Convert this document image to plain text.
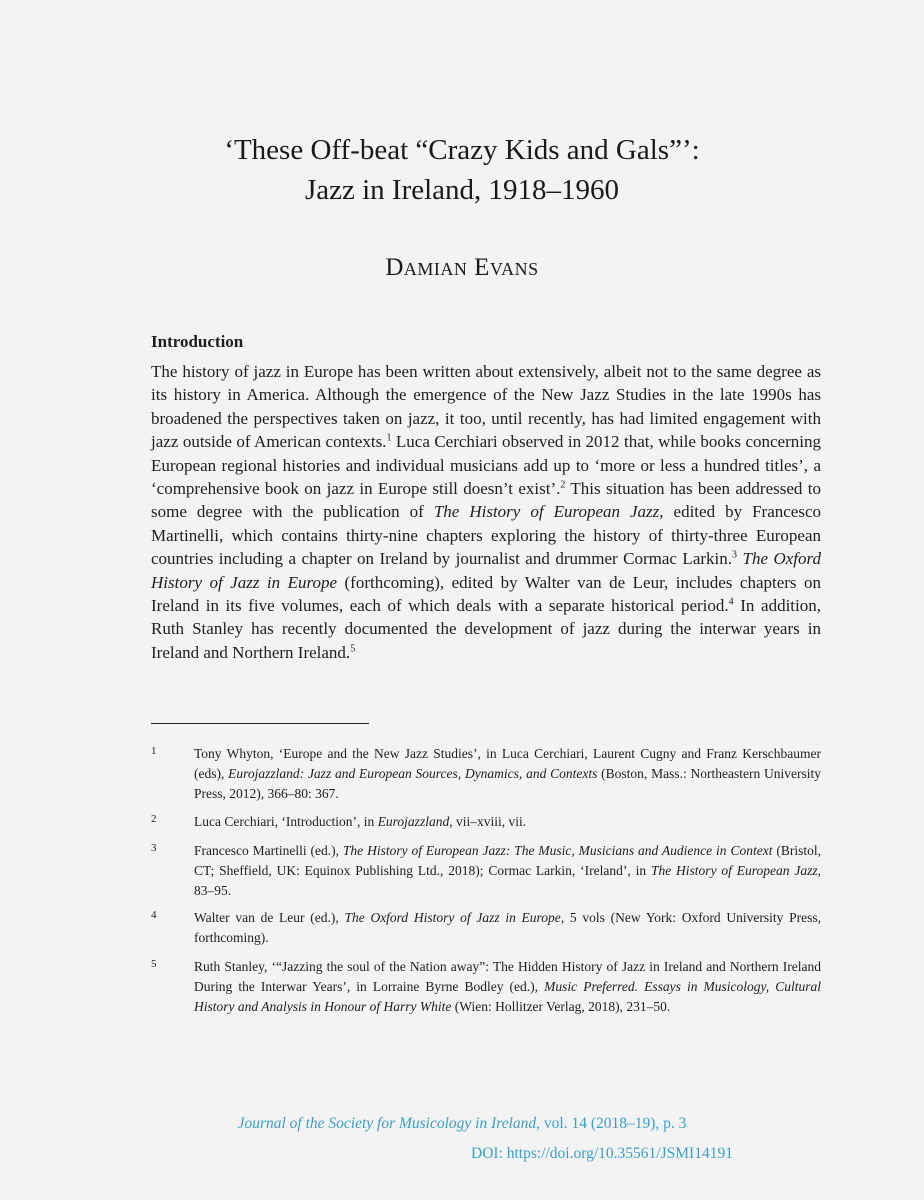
‘These Off-beat “Crazy Kids and Gals”’:
Jazz in Ireland, 1918–1960
Damian Evans
Introduction
The history of jazz in Europe has been written about extensively, albeit not to the same degree as its history in America. Although the emergence of the New Jazz Studies in the late 1990s has broadened the perspectives taken on jazz, it too, until recently, has had limited engagement with jazz outside of American contexts.$^1$ Luca Cerchiari observed in 2012 that, while books concerning European regional histories and individual musicians add up to ‘more or less a hundred titles’, a ‘comprehensive book on jazz in Europe still doesn’t exist’.$^2$ This situation has been addressed to some degree with the publication of The History of European Jazz, edited by Francesco Martinelli, which contains thirty-nine chapters exploring the history of thirty-three European countries including a chapter on Ireland by journalist and drummer Cormac Larkin.$^3$ The Oxford History of Jazz in Europe (forthcoming), edited by Walter van de Leur, includes chapters on Ireland in its five volumes, each of which deals with a separate historical period.$^4$ In addition, Ruth Stanley has recently documented the development of jazz during the interwar years in Ireland and Northern Ireland.$^5$
1	Tony Whyton, ‘Europe and the New Jazz Studies’, in Luca Cerchiari, Laurent Cugny and Franz Kerschbaumer (eds), Eurojazzland: Jazz and European Sources, Dynamics, and Contexts (Boston, Mass.: Northeastern University Press, 2012), 366–80: 367.
2	Luca Cerchiari, ‘Introduction’, in Eurojazzland, vii–xviii, vii.
3	Francesco Martinelli (ed.), The History of European Jazz: The Music, Musicians and Audience in Context (Bristol, CT; Sheffield, UK: Equinox Publishing Ltd., 2018); Cormac Larkin, ‘Ireland’, in The History of European Jazz, 83–95.
4	Walter van de Leur (ed.), The Oxford History of Jazz in Europe, 5 vols (New York: Oxford University Press, forthcoming).
5	Ruth Stanley, ‘“Jazzing the soul of the Nation away”: The Hidden History of Jazz in Ireland and Northern Ireland During the Interwar Years’, in Lorraine Byrne Bodley (ed.), Music Preferred. Essays in Musicology, Cultural History and Analysis in Honour of Harry White (Wien: Hollitzer Verlag, 2018), 231–50.
Journal of the Society for Musicology in Ireland, vol. 14 (2018–19), p. 3
DOI: https://doi.org/10.35561/JSMI14191
